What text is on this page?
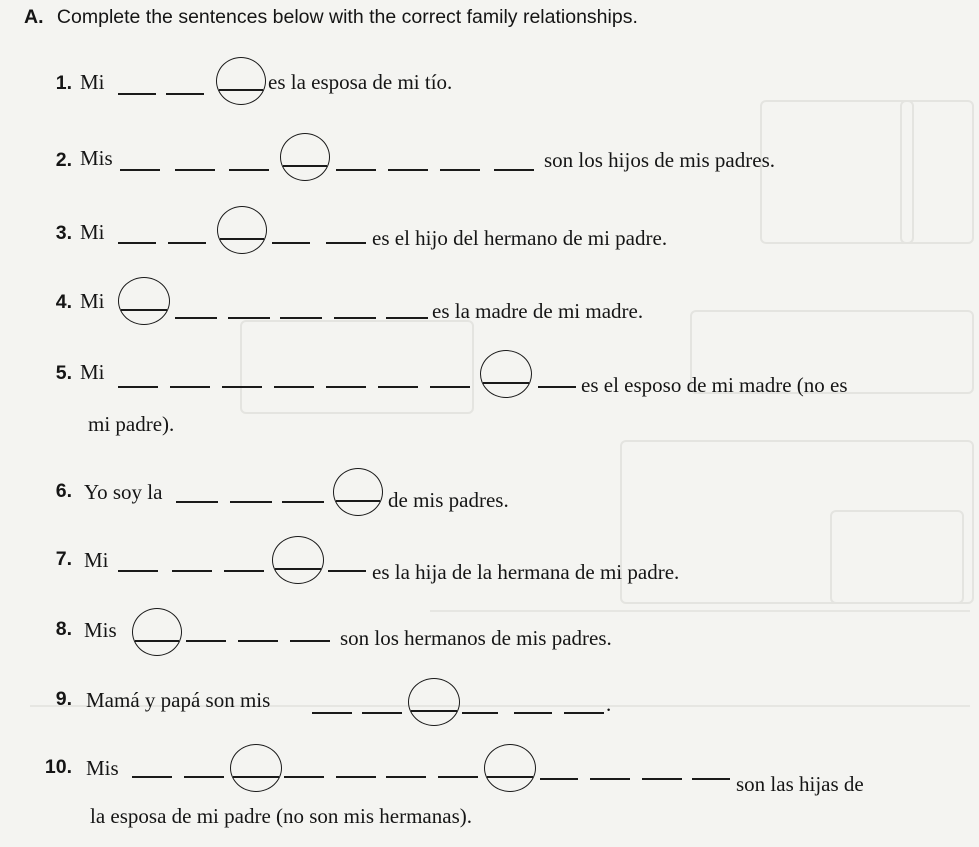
A. Complete the sentences below with the correct family relationships.
1. Mi	es la esposa de mi tío.
2. Mis	son los hijos de mis padres.
3. Mi	es el hijo del hermano de mi padre.
4. Mi	es la madre de mi madre.
5. Mi
es el esposo de mi madre (no es
mi padre).
6. Yo soy la	de mis padres.
7. Mi	es la hija de la hermana de mi padre.
8. Mis	son los hermanos de mis padres.
9. Mamá y papá son mis	.
10. Mis
son las hijas de
la esposa de mi padre (no son mis hermanas).
